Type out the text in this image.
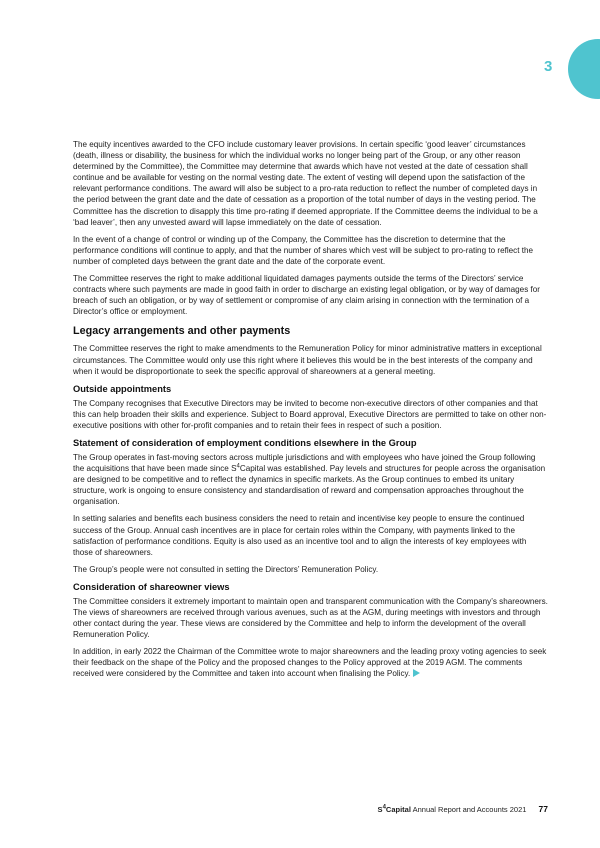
3

The equity incentives awarded to the CFO include customary leaver provisions. In certain specific ‘good leaver’ circumstances (death, illness or disability, the business for which the individual works no longer being part of the Group, or any other reason determined by the Committee), the Committee may determine that awards which have not vested at the date of cessation shall continue and be available for vesting on the normal vesting date. The extent of vesting will depend upon the satisfaction of the relevant performance conditions. The award will also be subject to a pro-rata reduction to reflect the number of completed days in the period between the grant date and the date of cessation as a proportion of the total number of days in the vesting period. The Committee has the discretion to disapply this time pro-rating if deemed appropriate. If the Committee deems the individual to be a ‘bad leaver’, then any unvested award will lapse immediately on the date of cessation.

In the event of a change of control or winding up of the Company, the Committee has the discretion to determine that the performance conditions will continue to apply, and that the number of shares which vest will be subject to pro-rating to reflect the number of completed days between the grant date and the date of the corporate event.

The Committee reserves the right to make additional liquidated damages payments outside the terms of the Directors’ service contracts where such payments are made in good faith in order to discharge an existing legal obligation, or by way of damages for breach of such an obligation, or by way of settlement or compromise of any claim arising in connection with the termination of a Director’s office or employment.

Legacy arrangements and other payments

The Committee reserves the right to make amendments to the Remuneration Policy for minor administrative matters in exceptional circumstances. The Committee would only use this right where it believes this would be in the best interests of the company and when it would be disproportionate to seek the specific approval of shareowners at a general meeting.

Outside appointments

The Company recognises that Executive Directors may be invited to become non-executive directors of other companies and that this can help broaden their skills and experience. Subject to Board approval, Executive Directors are permitted to take on other non-executive positions with other for-profit companies and to retain their fees in respect of such a position.

Statement of consideration of employment conditions elsewhere in the Group

The Group operates in fast-moving sectors across multiple jurisdictions and with employees who have joined the Group following the acquisitions that have been made since $S^4Capital$ was established. Pay levels and structures for people across the organisation are designed to be competitive and to reflect the dynamics in specific markets. As the Group continues to embed its unitary structure, work is ongoing to ensure consistency and standardisation of reward and compensation approaches throughout the organisation.

In setting salaries and benefits each business considers the need to retain and incentivise key people to ensure the continued success of the Group. Annual cash incentives are in place for certain roles within the Company, with payments linked to the satisfaction of performance conditions. Equity is also used as an incentive tool and to align the interests of key employees with those of shareowners.

The Group’s people were not consulted in setting the Directors’ Remuneration Policy.

Consideration of shareowner views

The Committee considers it extremely important to maintain open and transparent communication with the Company’s shareowners. The views of shareowners are received through various avenues, such as at the AGM, during meetings with investors and through other contact during the year. These views are considered by the Committee and help to inform the development of the overall Remuneration Policy.

In addition, in early 2022 the Chairman of the Committee wrote to major shareowners and the leading proxy voting agencies to seek their feedback on the shape of the Policy and the proposed changes to the Policy approved at the 2019 AGM. The comments received were considered by the Committee and taken into account when finalising the Policy.

$S^4Capital$ Annual Report and Accounts 2021 77
